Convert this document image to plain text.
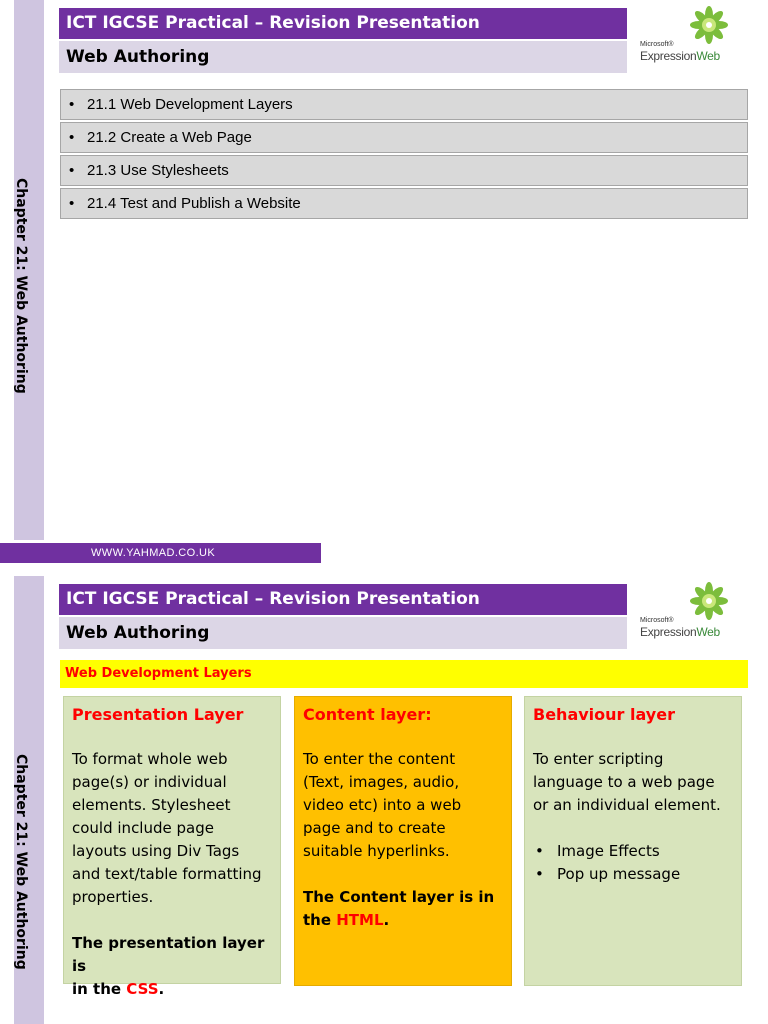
Chapter 21: Web Authoring
ICT IGCSE Practical – Revision Presentation
Web Authoring
Microsoft®
ExpressionWeb
• 21.1 Web Development Layers
• 21.2 Create a Web Page
• 21.3 Use Stylesheets
• 21.4 Test and Publish a Website
WWW.YAHMAD.CO.UK
Chapter 21: Web Authoring
ICT IGCSE Practical – Revision Presentation
Web Authoring
Microsoft®
ExpressionWeb
Web Development Layers
Presentation Layer

To format whole web
page(s) or individual
elements. Stylesheet
could include page
layouts using Div Tags
and text/table formatting
properties.

The presentation layer is
in the CSS.

Content layer:

To enter the content
(Text, images, audio,
video etc) into a web
page and to create
suitable hyperlinks.

The Content layer is in
the HTML.

Behaviour layer

To enter scripting
language to a web page
or an individual element.

• Image Effects
• Pop up message
